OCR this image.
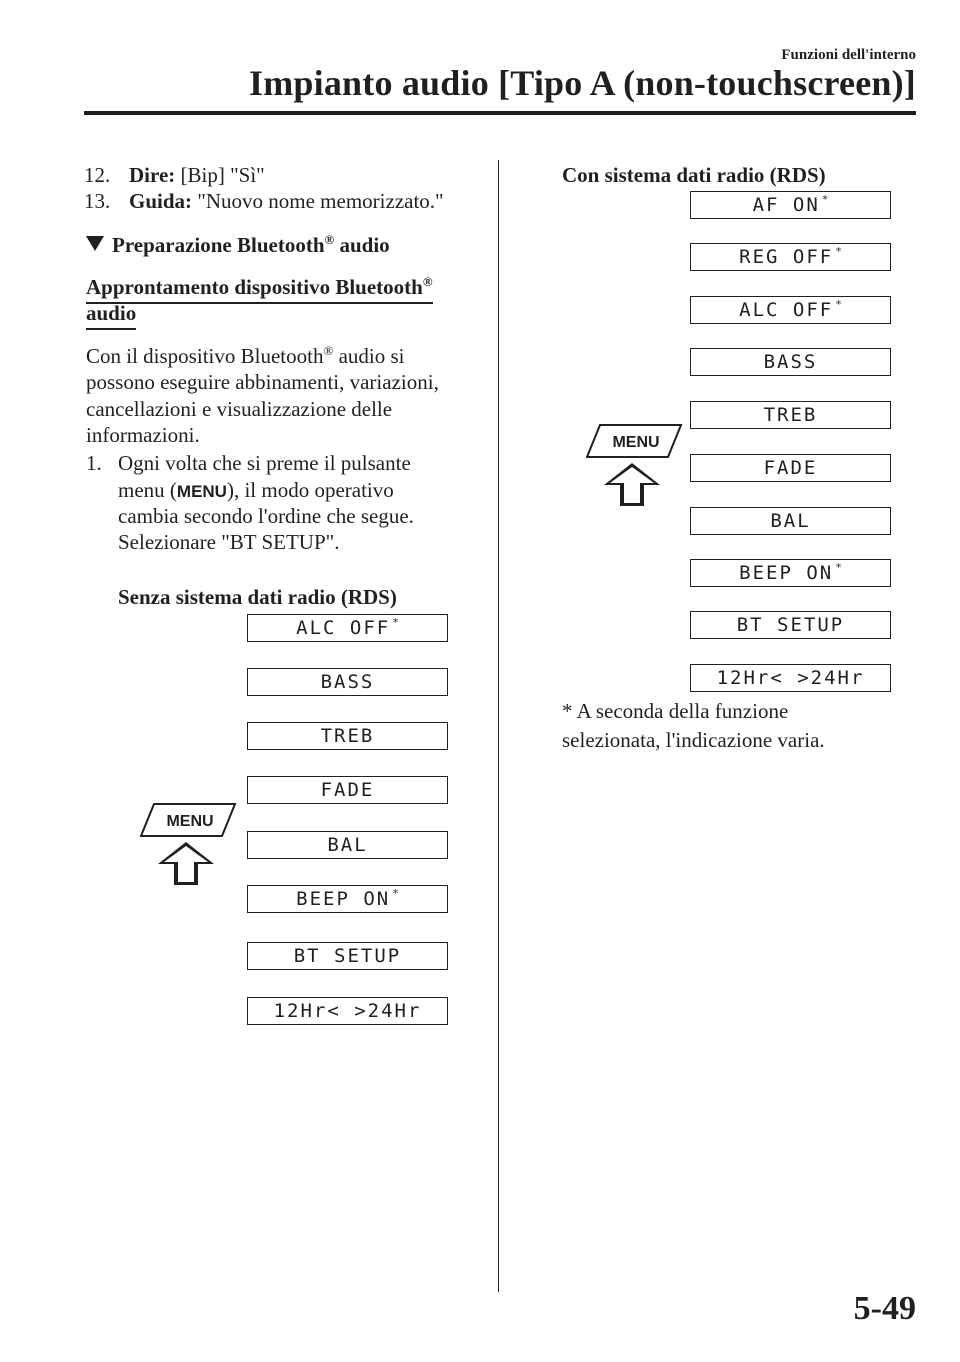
Funzioni dell'interno
Impianto audio [Tipo A (non-touchscreen)]
12. Dire: [Bip] "Sì"
13. Guida: "Nuovo nome memorizzato."
Preparazione Bluetooth® audio
Approntamento dispositivo Bluetooth®
audio
Con il dispositivo Bluetooth® audio si
possono eseguire abbinamenti, variazioni,
cancellazioni e visualizzazione delle
informazioni.
1. Ogni volta che si preme il pulsante
menu (MENU), il modo operativo
cambia secondo l'ordine che segue.
Selezionare "BT SETUP".
Senza sistema dati radio (RDS)
ALC OFF *
BASS
TREB
FADE
BAL
BEEP ON *
BT SETUP
12Hr< >24Hr
MENU
Con sistema dati radio (RDS)
AF ON *
REG OFF *
ALC OFF *
BASS
TREB
FADE
BAL
BEEP ON *
BT SETUP
12Hr< >24Hr
MENU
* A seconda della funzione
selezionata, l'indicazione varia.
5-49
